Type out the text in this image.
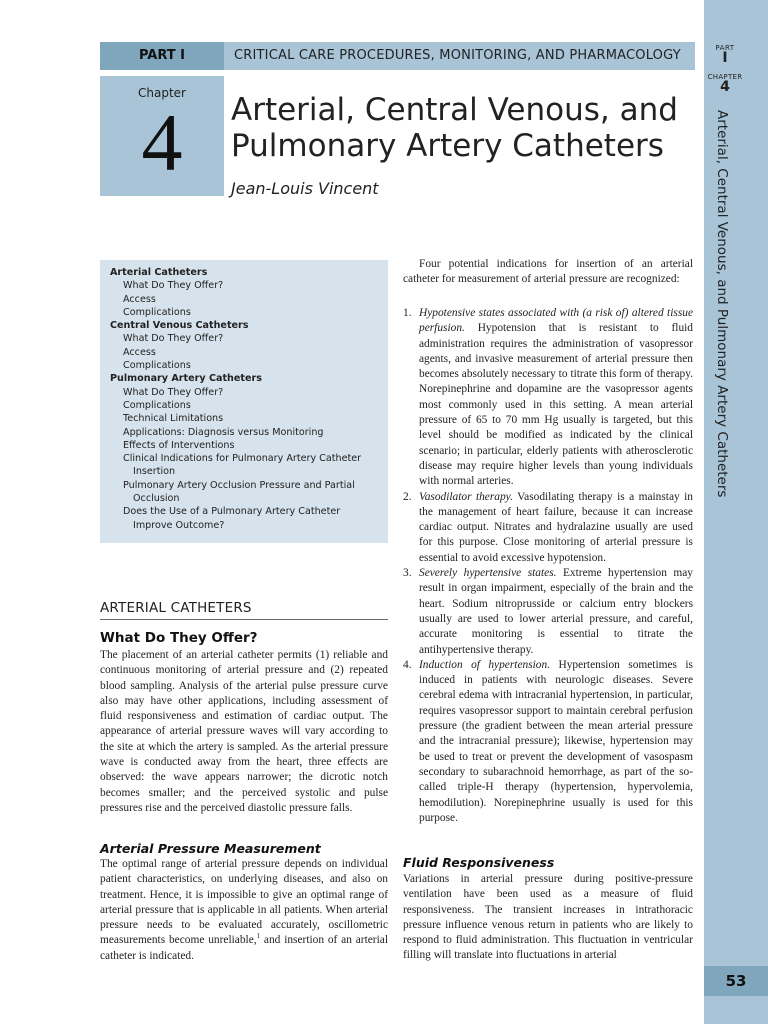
PART
I
CHAPTER
4
Arterial, Central Venous, and Pulmonary Artery Catheters
53
PART I	CRITICAL CARE PROCEDURES, MONITORING, AND PHARMACOLOGY
Chapter
4	Arterial, Central Venous, and Pulmonary Artery Catheters
Jean-Louis Vincent
Arterial Catheters
What Do They Offer?
Access
Complications
Central Venous Catheters
What Do They Offer?
Access
Complications
Pulmonary Artery Catheters
What Do They Offer?
Complications
Technical Limitations
Applications: Diagnosis versus Monitoring
Effects of Interventions
Clinical Indications for Pulmonary Artery Catheter Insertion
Pulmonary Artery Occlusion Pressure and Partial Occlusion
Does the Use of a Pulmonary Artery Catheter Improve Outcome?
ARTERIAL CATHETERS
What Do They Offer?

The placement of an arterial catheter permits (1) reliable and continuous monitoring of arterial pressure and (2) repeated blood sampling. Analysis of the arterial pulse pressure curve also may have other applications, including assessment of fluid responsiveness and estimation of cardiac output. The appearance of arterial pressure waves will vary according to the site at which the artery is sampled. As the arterial pressure wave is conducted away from the heart, three effects are observed: the wave appears narrower; the dicrotic notch becomes smaller; and the perceived systolic and pulse pressures rise and the perceived diastolic pressure falls.

Arterial Pressure Measurement

The optimal range of arterial pressure depends on individual patient characteristics, on underlying diseases, and also on treatment. Hence, it is impossible to give an optimal range of arterial pressure that is applicable in all patients. When arterial pressure needs to be evaluated accurately, oscillometric measurements become unreliable,$^1$ and insertion of an arterial catheter is indicated.

Four potential indications for insertion of an arterial catheter for measurement of arterial pressure are recognized:

1. Hypotensive states associated with (a risk of) altered tissue perfusion. Hypotension that is resistant to fluid administration requires the administration of vasopressor agents, and invasive measurement of arterial pressure then becomes absolutely necessary to titrate this form of therapy. Norepinephrine and dopamine are the vasopressor agents most commonly used in this setting. A mean arterial pressure of 65 to 70 mm Hg usually is targeted, but this level should be modified as indicated by the clinical scenario; in particular, elderly patients with atherosclerotic disease may require higher levels than young individuals with normal arteries.
2. Vasodilator therapy. Vasodilating therapy is a mainstay in the management of heart failure, because it can increase cardiac output. Nitrates and hydralazine usually are used for this purpose. Close monitoring of arterial pressure is essential to avoid excessive hypotension.
3. Severely hypertensive states. Extreme hypertension may result in organ impairment, especially of the brain and the heart. Sodium nitroprusside or calcium entry blockers usually are used to lower arterial pressure, and careful, accurate monitoring is essential to titrate the antihypertensive therapy.
4. Induction of hypertension. Hypertension sometimes is induced in patients with neurologic diseases. Severe cerebral edema with intracranial hypertension, in particular, requires vasopressor support to maintain cerebral perfusion pressure (the gradient between the mean arterial pressure and the intracranial pressure); likewise, hypertension may be used to treat or prevent the development of vasospasm secondary to subarachnoid hemorrhage, as part of the so-called triple-H therapy (hypertension, hypervolemia, hemodilution). Norepinephrine usually is used for this purpose.
Fluid Responsiveness

Variations in arterial pressure during positive-pressure ventilation have been used as a measure of fluid responsiveness. The transient increases in intrathoracic pressure influence venous return in patients who are likely to respond to fluid administration. This fluctuation in ventricular filling will translate into fluctuations in arterial
